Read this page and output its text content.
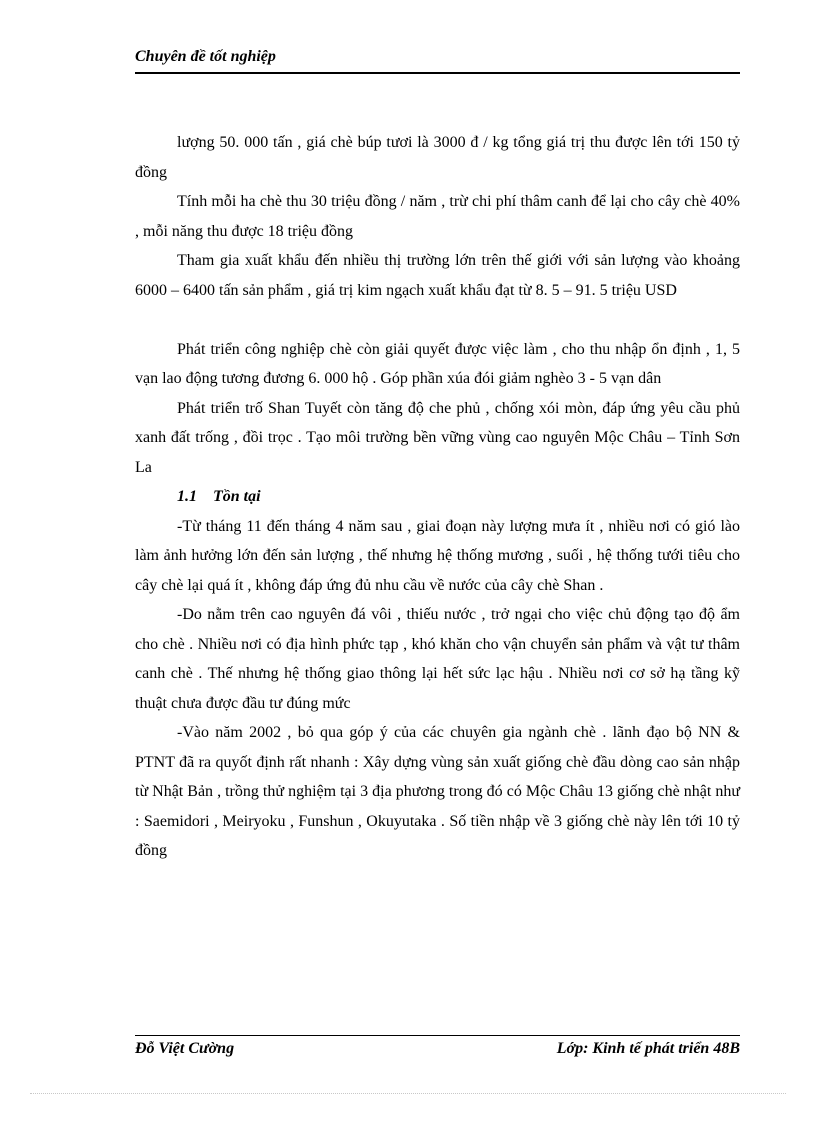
Chuyên đề tốt nghiệp

lượng 50. 000 tấn , giá chè búp tươi là 3000 đ / kg tổng giá trị thu được lên tới 150 tỷ đồng

Tính mỗi ha chè thu 30 triệu đồng / năm , trừ chi phí thâm canh để lại cho cây chè 40% , mỗi năng thu được 18 triệu đồng

Tham gia xuất khẩu đến nhiều thị trường lớn trên thế giới với sản lượng vào khoảng 6000 – 6400 tấn sản phẩm , giá trị kim ngạch xuất khẩu đạt từ 8. 5 – 91. 5 triệu USD

Phát triển công nghiệp chè còn giải quyết được việc làm , cho thu nhập ổn định , 1, 5 vạn lao động tương đương 6. 000 hộ . Góp phần xúa đói giảm nghèo 3 - 5 vạn dân

Phát triển trố Shan Tuyết còn tăng độ che phủ , chống xói mòn, đáp ứng yêu cầu phủ xanh đất trống , đồi trọc . Tạo môi trường bền vững vùng cao nguyên Mộc Châu – Tỉnh Sơn La

1.1 Tồn tại

-Từ tháng 11 đến tháng 4 năm sau , giai đoạn này lượng mưa ít , nhiều nơi có gió lào làm ảnh hưởng lớn đến sản lượng , thế nhưng hệ thống mương , suối , hệ thống tưới tiêu cho cây chè lại quá ít , không đáp ứng đủ nhu cầu về nước của cây chè Shan .

-Do nằm trên cao nguyên đá vôi , thiếu nước , trở ngại cho việc chủ động tạo độ ẩm cho chè . Nhiều nơi có địa hình phức tạp , khó khăn cho vận chuyển sản phẩm và vật tư thâm canh chè . Thế nhưng hệ thống giao thông lại hết sức lạc hậu . Nhiều nơi cơ sở hạ tầng kỹ thuật chưa được đầu tư đúng mức

-Vào năm 2002 , bỏ qua góp ý của các chuyên gia ngành chè . lãnh đạo bộ NN & PTNT đã ra quyốt định rất nhanh : Xây dựng vùng sản xuất giống chè đầu dòng cao sản nhập từ Nhật Bản , trồng thử nghiệm tại 3 địa phương trong đó có Mộc Châu 13 giống chè nhật như : Saemidori , Meiryoku , Funshun , Okuyutaka . Số tiền nhập về 3 giống chè này lên tới 10 tỷ đồng

Đỗ Việt Cường	Lớp: Kinh tế phát triển 48B
